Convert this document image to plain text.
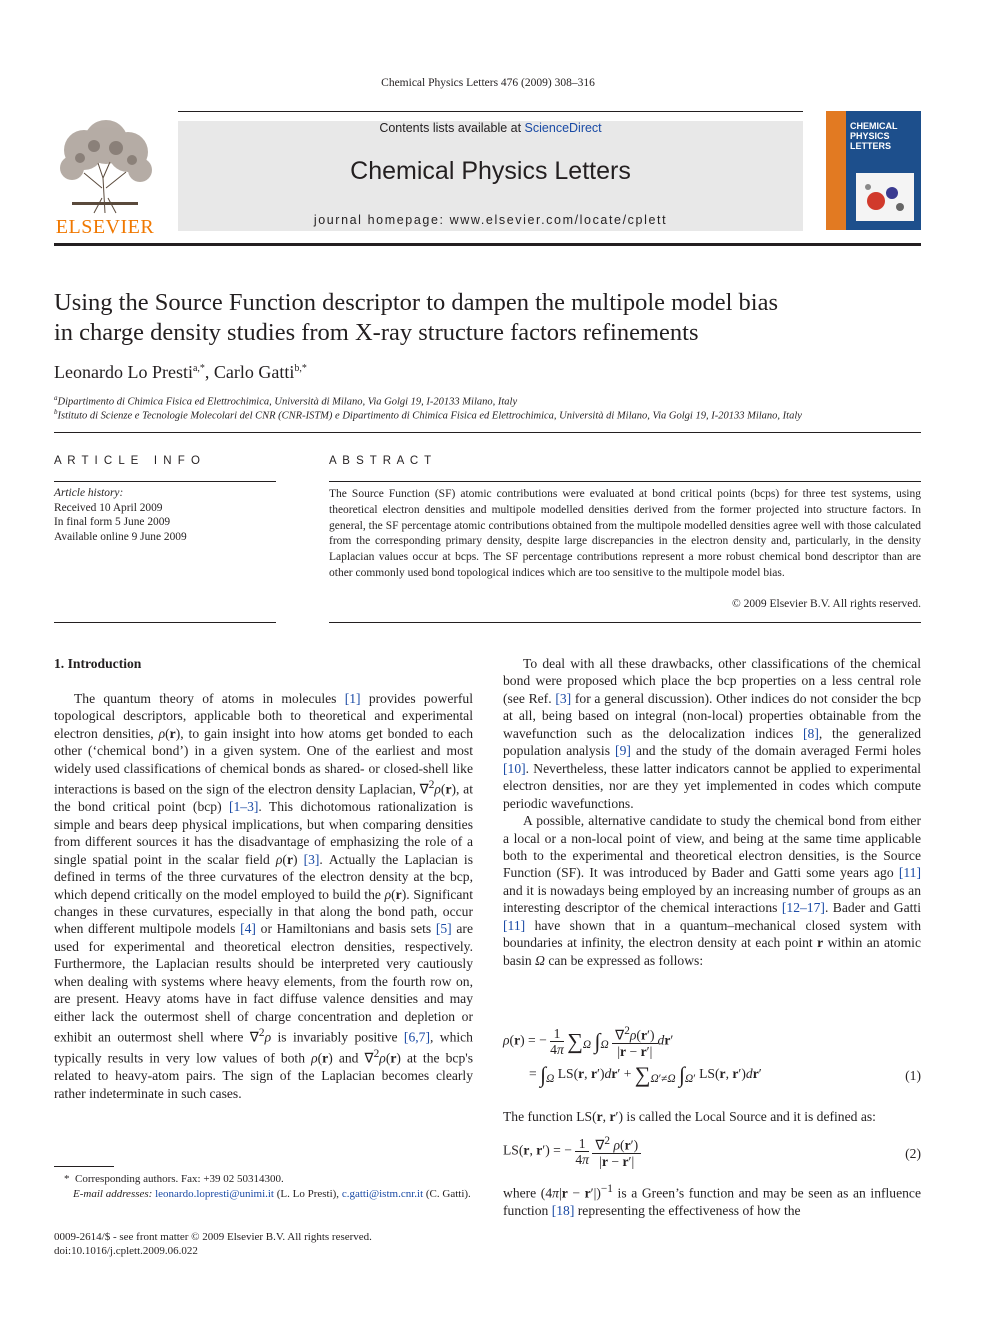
Chemical Physics Letters 476 (2009) 308–316
ELSEVIER
Contents lists available at ScienceDirect
Chemical Physics Letters
journal homepage: www.elsevier.com/locate/cplett
CHEMICAL PHYSICS LETTERS
Using the Source Function descriptor to dampen the multipole model bias
in charge density studies from X-ray structure factors refinements
Leonardo Lo Presti$^{a,*}$, Carlo Gatti$^{b,*}$
$^a$Dipartimento di Chimica Fisica ed Elettrochimica, Università di Milano, Via Golgi 19, I-20133 Milano, Italy
$^b$Istituto di Scienze e Tecnologie Molecolari del CNR (CNR-ISTM) e Dipartimento di Chimica Fisica ed Elettrochimica, Università di Milano, Via Golgi 19, I-20133 Milano, Italy
A R T I C L E   I N F O
Article history:
Received 10 April 2009
In final form 5 June 2009
Available online 9 June 2009
A B S T R A C T
The Source Function (SF) atomic contributions were evaluated at bond critical points (bcps) for three test systems, using theoretical electron densities and multipole modelled densities derived from the former projected into structure factors. In general, the SF percentage atomic contributions obtained from the multipole modelled densities agree well with those calculated from the corresponding primary density, despite large discrepancies in the electron density and, particularly, in the density Laplacian values occur at bcps. The SF percentage contributions represent a more robust chemical bond descriptor than are other commonly used bond topological indices which are too sensitive to the multipole model bias.
© 2009 Elsevier B.V. All rights reserved.
1. Introduction

The quantum theory of atoms in molecules [1] provides powerful topological descriptors, applicable both to theoretical and experimental electron densities, ρ(r), to gain insight into how atoms get bonded to each other (‘chemical bond’) in a given system. One of the earliest and most widely used classifications of chemical bonds as shared- or closed-shell like interactions is based on the sign of the electron density Laplacian, ∇$^2$ρ(r), at the bond critical point (bcp) [1–3]. This dichotomous rationalization is simple and bears deep physical implications, but when comparing densities from different sources it has the disadvantage of emphasizing the role of a single spatial point in the scalar field ρ(r) [3]. Actually the Laplacian is defined in terms of the three curvatures of the electron density at the bcp, which depend critically on the model employed to build the ρ(r). Significant changes in these curvatures, especially in that along the bond path, occur when different multipole models [4] or Hamiltonians and basis sets [5] are used for experimental and theoretical electron densities, respectively. Furthermore, the Laplacian results should be interpreted very cautiously when dealing with systems where heavy elements, from the fourth row on, are present. Heavy atoms have in fact diffuse valence densities and may either lack the outermost shell of charge concentration and depletion or exhibit an outermost shell where ∇$^2$ρ is invariably positive [6,7], which typically results in very low values of both ρ(r) and ∇$^2$ρ(r) at the bcp's related to heavy-atom pairs. The sign of the Laplacian becomes clearly rather indeterminate in such cases.

*  Corresponding authors. Fax: +39 02 50314300.
E-mail addresses: leonardo.lopresti@unimi.it (L. Lo Presti), c.gatti@istm.cnr.it (C. Gatti).
0009-2614/$ - see front matter © 2009 Elsevier B.V. All rights reserved.
doi:10.1016/j.cplett.2009.06.022

To deal with all these drawbacks, other classifications of the chemical bond were proposed which place the bcp properties on a less central role (see Ref. [3] for a general discussion). Other indices do not consider the bcp at all, being based on integral (non-local) properties obtainable from the wavefunction such as the delocalization indices [8], the generalized population analysis [9] and the study of the domain averaged Fermi holes [10]. Nevertheless, these latter indicators cannot be applied to experimental electron densities, nor are they yet implemented in codes which compute periodic wavefunctions.

A possible, alternative candidate to study the chemical bond from either a local or a non-local point of view, and being at the same time applicable both to the experimental and theoretical electron densities, is the Source Function (SF). It was introduced by Bader and Gatti some years ago [11] and it is nowadays being employed by an increasing number of groups as an interesting descriptor of the chemical interactions [12–17]. Bader and Gatti [11] have shown that in a quantum–mechanical closed system with boundaries at infinity, the electron density at each point r within an atomic basin Ω can be expressed as follows:

ρ(r) = − $\frac{1}{4\pi} \sum_\Omega$ $\int_\Omega \frac{\nabla^2\rho(r')}{|r - r'|} dr'$
= $\int_\Omega$ LS(r, $r')dr' + \sum_{\Omega'\ne\Omega}$ $\int_{\Omega'}$ LS(r, r′)dr′	(1)
The function LS(r, r′) is called the Local Source and it is defined as:
LS(r, r′) = − $\frac{1}{4\pi}$
$\frac{\nabla^2 \rho(r')}{|r - r'|}$	(2)
where $(4\pi|r - r'|)^{-1}$ is a Green’s function and may be seen as an influence function [18] representing the effectiveness of how the
